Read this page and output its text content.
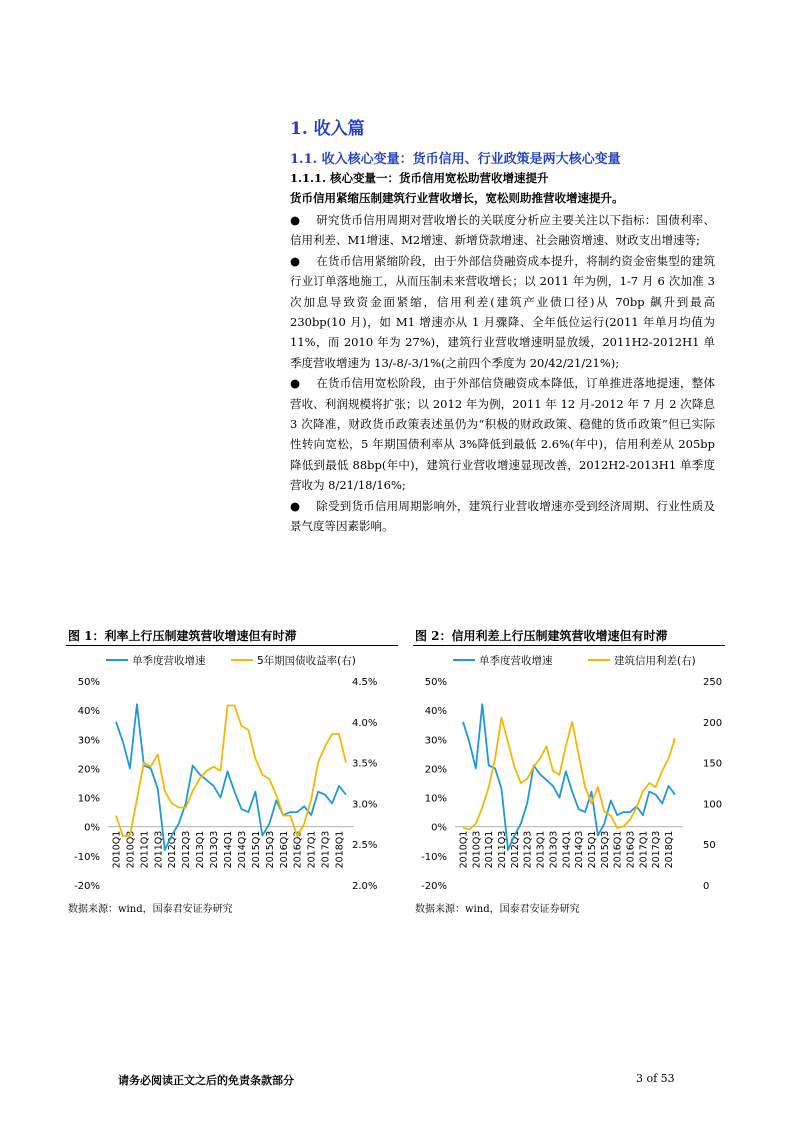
1. 收入篇
1.1. 收入核心变量：货币信用、行业政策是两大核心变量
1.1.1. 核心变量一：货币信用宽松助营收增速提升
货币信用紧缩压制建筑行业营收增长，宽松则助推营收增速提升。

● 研究货币信用周期对营收增长的关联度分析应主要关注以下指标：国债利率、信用利差、M1增速、M2增速、新增贷款增速、社会融资增速、财政支出增速等;

● 在货币信用紧缩阶段，由于外部信贷融资成本提升，将制约资金密集型的建筑行业订单落地施工，从而压制未来营收增长；以 2011 年为例，1-7 月 6 次加准 3 次加息导致资金面紧缩，信用利差(建筑产业债口径)从 70bp 飙升到最高 230bp(10 月)，如 M1 增速亦从 1 月骤降、全年低位运行(2011 年单月均值为 11%，而 2010 年为 27%)，建筑行业营收增速明显放缓，2011H2-2012H1 单季度营收增速为 13/-8/-3/1%(之前四个季度为 20/42/21/21%);

● 在货币信用宽松阶段，由于外部信贷融资成本降低，订单推进落地提速，整体营收、利润规模将扩张；以 2012 年为例，2011 年 12 月-2012 年 7 月 2 次降息 3 次降准，财政货币政策表述虽仍为“积极的财政政策、稳健的货币政策”但已实际性转向宽松，5 年期国债利率从 3%降低到最低 2.6%(年中)，信用利差从 205bp 降低到最低 88bp(年中)，建筑行业营收增速显现改善，2012H2-2013H1 单季度营收为 8/21/18/16%;

● 除受到货币信用周期影响外，建筑行业营收增速亦受到经济周期、行业性质及景气度等因素影响。

图 1：利率上行压制建筑营收增速但有时滞
单季度营收增速	5年期国债收益率(右)
50%
40%
30%
20%
10%
0%
-10%
-20%
4.5%
4.0%
3.5%
3.0%
2.5%
2.0%
2010Q1 2010Q3 2011Q1 2011Q3 2012Q1 2012Q3 2013Q1 2013Q3 2014Q1 2014Q3 2015Q1 2015Q3 2016Q1 2016Q3 2017Q1 2017Q3 2018Q1
数据来源：wind，国泰君安证券研究
图 2：信用利差上行压制建筑营收增速但有时滞
单季度营收增速	建筑信用利差(右)
50%
40%
30%
20%
10%
0%
-10%
-20%
250
200
150
100
50
0
2010Q1 2010Q3 2011Q1 2011Q3 2012Q1 2012Q3 2013Q1 2013Q3 2014Q1 2014Q3 2015Q1 2015Q3 2016Q1 2016Q3 2017Q1 2017Q3 2018Q1
数据来源：wind，国泰君安证券研究
请务必阅读正文之后的免责条款部分	3 of 53
